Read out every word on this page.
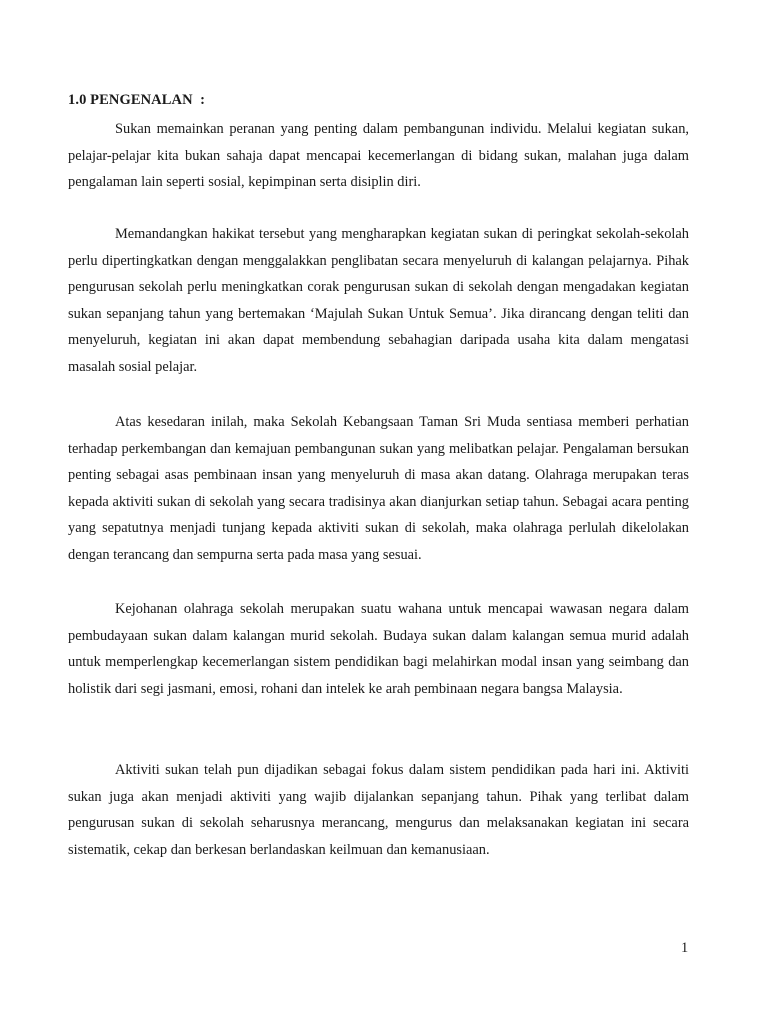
1.0 PENGENALAN  :

Sukan memainkan peranan yang penting dalam pembangunan individu. Melalui kegiatan sukan, pelajar-pelajar kita bukan sahaja dapat mencapai kecemerlangan di bidang sukan, malahan juga dalam pengalaman lain seperti sosial, kepimpinan serta disiplin diri.

Memandangkan hakikat tersebut yang mengharapkan kegiatan sukan di peringkat sekolah-sekolah perlu dipertingkatkan dengan menggalakkan penglibatan secara menyeluruh di kalangan pelajarnya. Pihak pengurusan sekolah perlu meningkatkan corak pengurusan sukan di sekolah dengan mengadakan kegiatan sukan sepanjang tahun yang bertemakan ‘Majulah Sukan Untuk Semua’. Jika dirancang dengan teliti dan menyeluruh, kegiatan ini akan dapat membendung sebahagian daripada usaha kita dalam mengatasi masalah sosial pelajar.

Atas kesedaran inilah, maka Sekolah Kebangsaan Taman Sri Muda sentiasa memberi perhatian terhadap perkembangan dan kemajuan pembangunan sukan yang melibatkan pelajar. Pengalaman bersukan penting sebagai asas pembinaan insan yang menyeluruh di masa akan datang. Olahraga merupakan teras kepada aktiviti sukan di sekolah yang secara tradisinya akan dianjurkan setiap tahun. Sebagai acara penting yang sepatutnya menjadi tunjang kepada aktiviti sukan di sekolah, maka olahraga perlulah dikelolakan dengan terancang dan sempurna serta pada masa yang sesuai.

Kejohanan olahraga sekolah merupakan suatu wahana untuk mencapai wawasan negara dalam pembudayaan sukan dalam kalangan murid sekolah. Budaya sukan dalam kalangan semua murid adalah untuk memperlengkap kecemerlangan sistem pendidikan bagi melahirkan modal insan yang seimbang dan holistik dari segi jasmani, emosi, rohani dan intelek ke arah pembinaan negara bangsa Malaysia.

Aktiviti sukan telah pun dijadikan sebagai fokus dalam sistem pendidikan pada hari ini. Aktiviti sukan juga akan menjadi aktiviti yang wajib dijalankan sepanjang tahun. Pihak yang terlibat dalam pengurusan sukan di sekolah seharusnya merancang, mengurus dan melaksanakan kegiatan ini secara sistematik, cekap dan berkesan berlandaskan keilmuan dan kemanusiaan.

1
